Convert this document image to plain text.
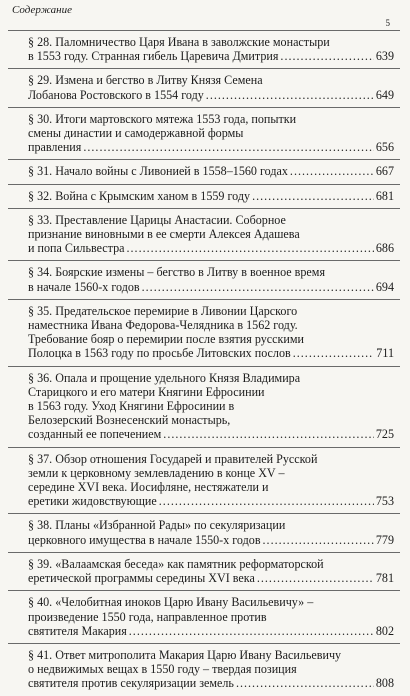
Содержание
5
§ 28. Паломничество Царя Ивана в заволжские монастыри
в 1553 году. Странная гибель Царевича Дмитрия .....	639
§ 29. Измена и бегство в Литву Князя Семена
Лобанова Ростовского в 1554 году .....	649
§ 30. Итоги мартовского мятежа 1553 года, попытки
смены династии и самодержавной формы
правления .....	656
§ 31. Начало войны с Ливонией в 1558–1560 годах .....	667
§ 32. Война с Крымским ханом в 1559 году .....	681
§ 33. Преставление Царицы Анастасии. Соборное
признание виновными в ее смерти Алексея Адашева
и попа Сильвестра .....	686
§ 34. Боярские измены – бегство в Литву в военное время
в начале 1560-х годов .....	694
§ 35. Предательское перемирие в Ливонии Царского
наместника Ивана Федорова-Челядника в 1562 году.
Требование бояр о перемирии после взятия русскими
Полоцка в 1563 году по просьбе Литовских послов .....	711
§ 36. Опала и прощение удельного Князя Владимира
Старицкого и его матери Княгини Ефросинии
в 1563 году. Уход Княгини Ефросинии в
Белозерский Вознесенский монастырь,
созданный ее попечением .....	725
§ 37. Обзор отношения Государей и правителей Русской
земли к церковному землевладению в конце XV –
середине XVI века. Иосифляне, нестяжатели и
еретики жидовствующие .....	753
§ 38. Планы «Избранной Рады» по секуляризации
церковного имущества в начале 1550-х годов .....	779
§ 39. «Валаамская беседа» как памятник реформаторской
еретической программы середины XVI века .....	781
§ 40. «Челобитная иноков Царю Ивану Васильевичу» –
произведение 1550 года, направленное против
святителя Макария .....	802
§ 41. Ответ митрополита Макария Царю Ивану Васильевичу
о недвижимых вещах в 1550 году – твердая позиция
святителя против секуляризации земель .....	808
